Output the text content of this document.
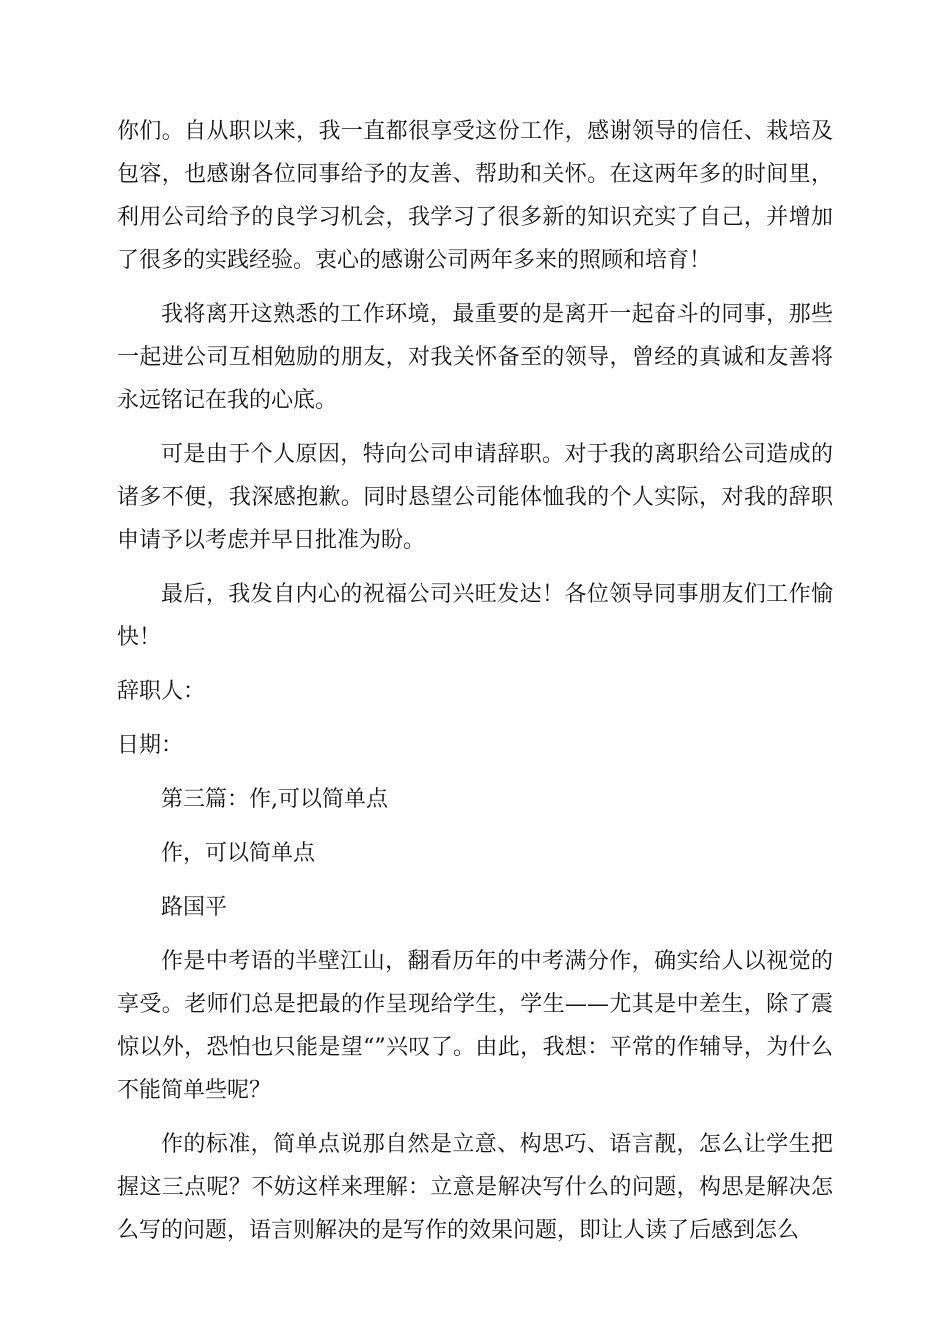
你们。自从职以来，我一直都很享受这份工作，感谢领导的信任、栽培及包容，也感谢各位同事给予的友善、帮助和关怀。在这两年多的时间里，利用公司给予的良学习机会，我学习了很多新的知识充实了自己，并增加了很多的实践经验。衷心的感谢公司两年多来的照顾和培育！

我将离开这熟悉的工作环境，最重要的是离开一起奋斗的同事，那些一起进公司互相勉励的朋友，对我关怀备至的领导，曾经的真诚和友善将永远铭记在我的心底。

可是由于个人原因，特向公司申请辞职。对于我的离职给公司造成的诸多不便，我深感抱歉。同时恳望公司能体恤我的个人实际，对我的辞职申请予以考虑并早日批准为盼。

最后，我发自内心的祝福公司兴旺发达！各位领导同事朋友们工作愉快！

辞职人：

日期：

第三篇：作,可以简单点

作，可以简单点

路国平

作是中考语的半壁江山，翻看历年的中考满分作，确实给人以视觉的享受。老师们总是把最的作呈现给学生，学生——尤其是中差生，除了震惊以外，恐怕也只能是望“”兴叹了。由此，我想：平常的作辅导，为什么不能简单些呢？

作的标准，简单点说那自然是立意、构思巧、语言靓，怎么让学生把握这三点呢？不妨这样来理解：立意是解决写什么的问题，构思是解决怎么写的问题，语言则解决的是写作的效果问题，即让人读了后感到怎么
